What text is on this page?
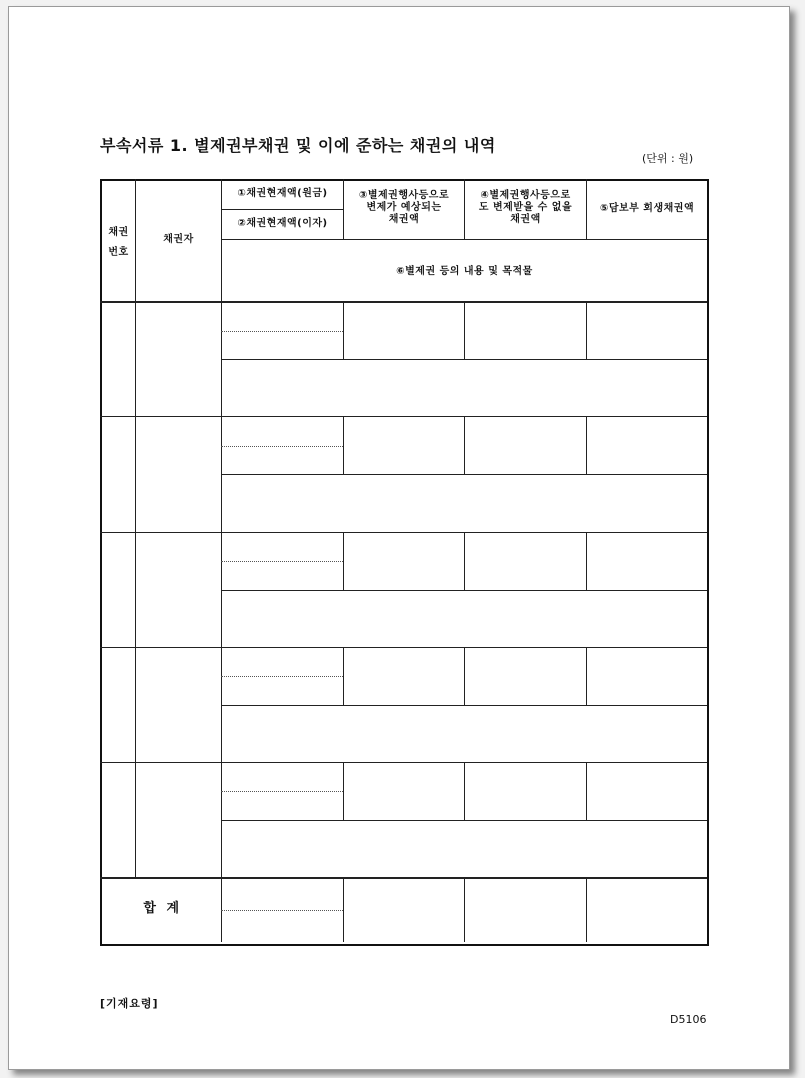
부속서류 1. 별제권부채권 및 이에 준하는 채권의 내역
(단위 : 원)
채권
번호
채권자
①채권현재액(원금)
②채권현재액(이자)
③별제권행사등으로
변제가 예상되는
채권액
④별제권행사등으로
도 변제받을 수 없을
채권액
⑤담보부 회생채권액
⑥별제권 등의 내용 및 목적물
합  계
[기재요령]
D5106
